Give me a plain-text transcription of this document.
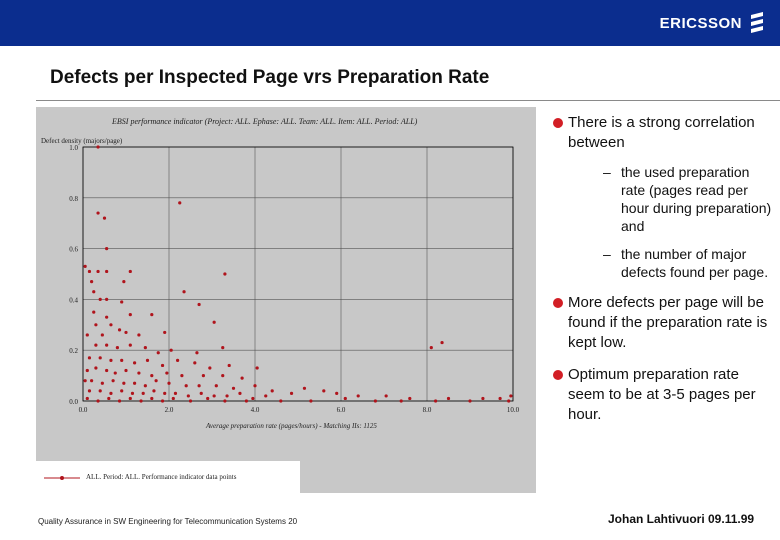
ERICSSON
Defects per Inspected Page vrs Preparation Rate
0.0
0.2
0.4
0.6
0.8
1.0
0.0	2.0	4.0	6.0	8.0	10.0
EBSI performance indicator (Project: ALL. Ephase: ALL. Team: ALL. Item: ALL. Period: ALL)
Defect density (majors/page)
Average preparation rate (pages/hours) - Matching IIs: 1125
ALL. Period: ALL. Performance indicator data points
There is a strong correlation between
– the used preparation rate (pages read per hour during preparation) and
– the number of major defects found per page.
More defects per page will be found if the preparation rate is kept low.
Optimum preparation rate seem to be at 3-5 pages per hour.
Quality Assurance in SW Engineering for Telecommunication Systems 20	Johan Lahtivuori 09.11.99
